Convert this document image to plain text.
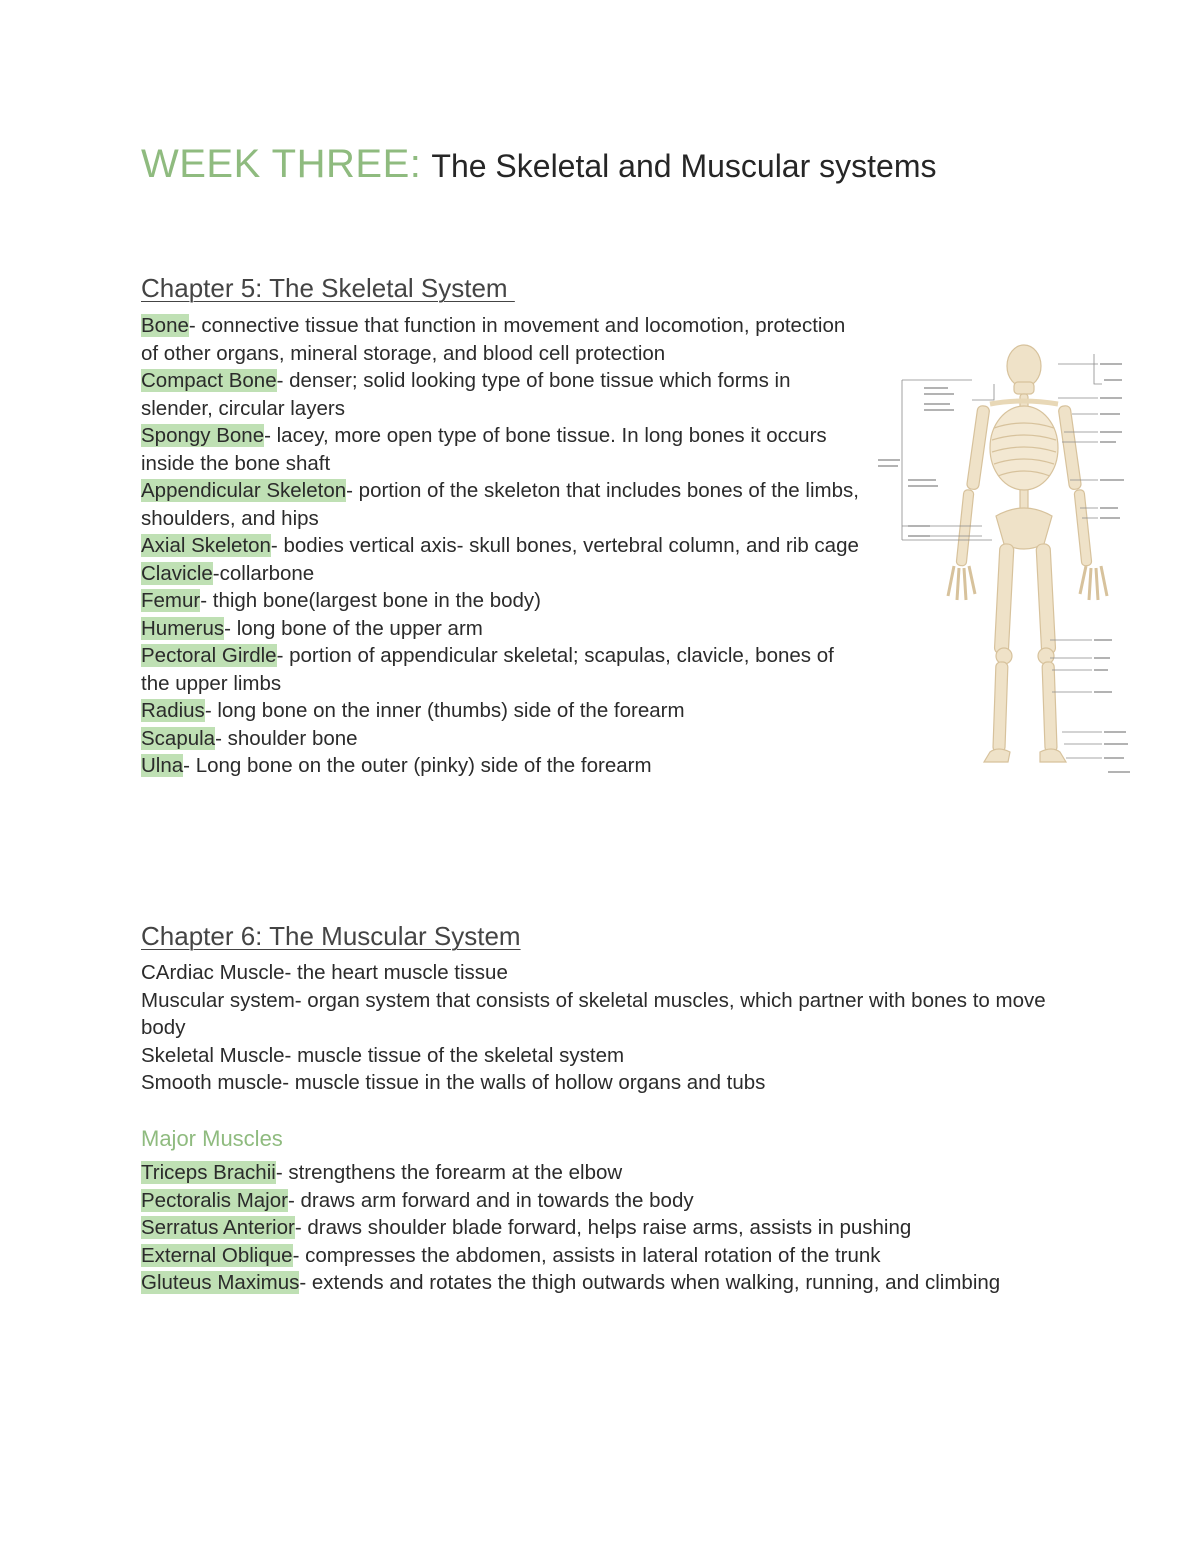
WEEK THREE: The Skeletal and Muscular systems
Chapter 5: The Skeletal System
Bone- connective tissue that function in movement and locomotion, protection of other organs, mineral storage, and blood cell protection
Compact Bone- denser; solid looking type of bone tissue which forms in slender, circular layers
Spongy Bone- lacey, more open type of bone tissue. In long bones it occurs inside the bone shaft
Appendicular Skeleton- portion of the skeleton that includes bones of the limbs, shoulders, and hips
Axial Skeleton- bodies vertical axis- skull bones, vertebral column, and rib cage
Clavicle-collarbone
Femur- thigh bone(largest bone in the body)
Humerus- long bone of the upper arm
Pectoral Girdle- portion of appendicular skeletal; scapulas, clavicle, bones of the upper limbs
Radius- long bone on the inner (thumbs) side of the forearm
Scapula- shoulder bone
Ulna- Long bone on the outer (pinky) side of the forearm
Chapter 6: The Muscular System
CArdiac Muscle- the heart muscle tissue
Muscular system- organ system that consists of skeletal muscles, which partner with bones to move body
Skeletal Muscle- muscle tissue of the skeletal system
Smooth muscle- muscle tissue in the walls of hollow organs and tubs
Major Muscles
Triceps Brachii- strengthens the forearm at the elbow
Pectoralis Major- draws arm forward and in towards the body
Serratus Anterior- draws shoulder blade forward, helps raise arms, assists in pushing
External Oblique- compresses the abdomen, assists in lateral rotation of the trunk
Gluteus Maximus- extends and rotates the thigh outwards when walking, running, and climbing
